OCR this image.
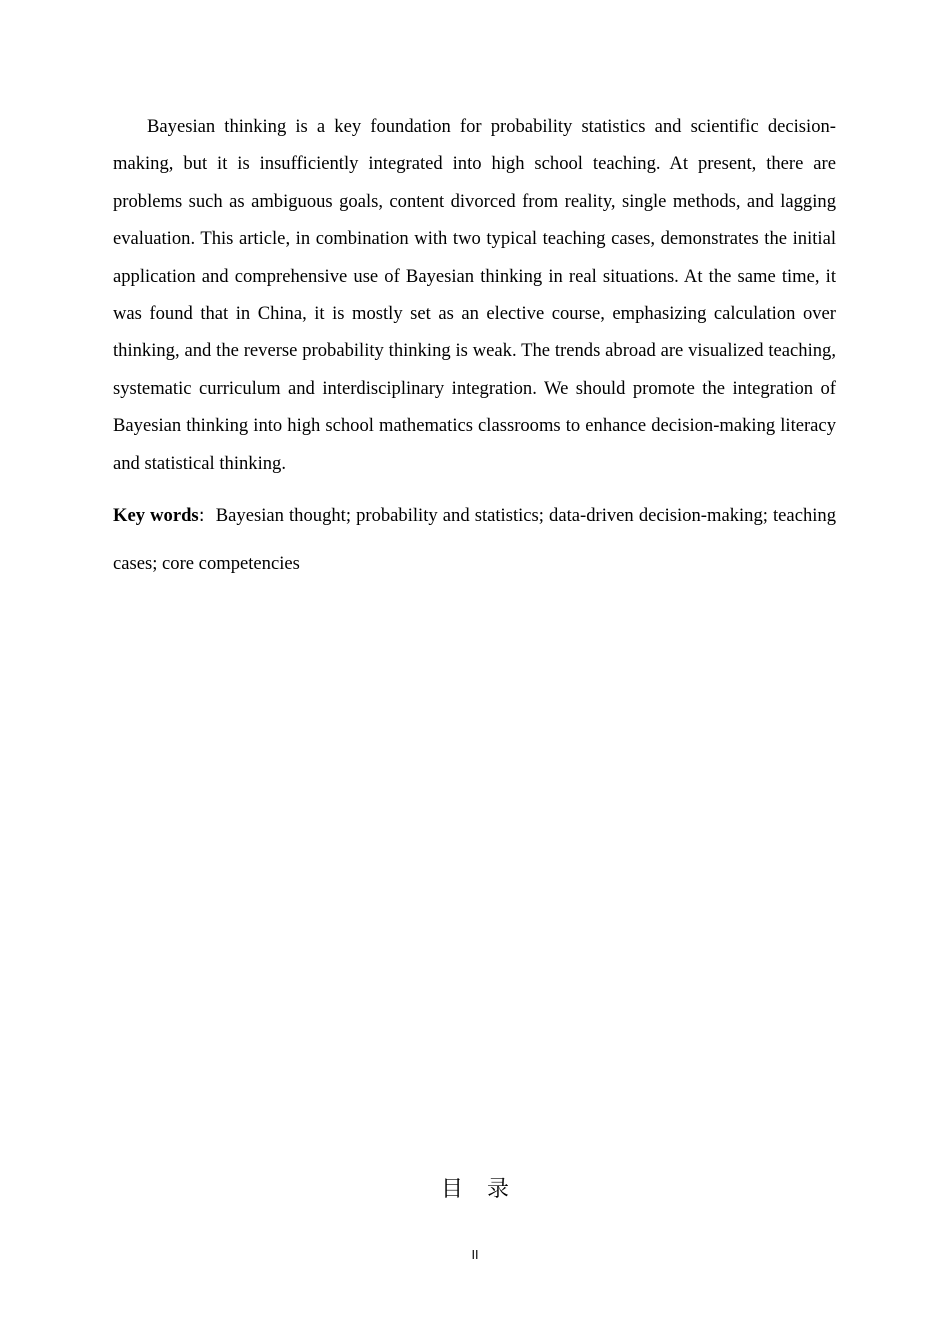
Bayesian thinking is a key foundation for probability statistics and scientific decision-making, but it is insufficiently integrated into high school teaching. At present, there are problems such as ambiguous goals, content divorced from reality, single methods, and lagging evaluation. This article, in combination with two typical teaching cases, demonstrates the initial application and comprehensive use of Bayesian thinking in real situations. At the same time, it was found that in China, it is mostly set as an elective course, emphasizing calculation over thinking, and the reverse probability thinking is weak. The trends abroad are visualized teaching, systematic curriculum and interdisciplinary integration. We should promote the integration of Bayesian thinking into high school mathematics classrooms to enhance decision-making literacy and statistical thinking.

Key words: Bayesian thought; probability and statistics; data-driven decision-making; teaching cases; core competencies

目录
II
